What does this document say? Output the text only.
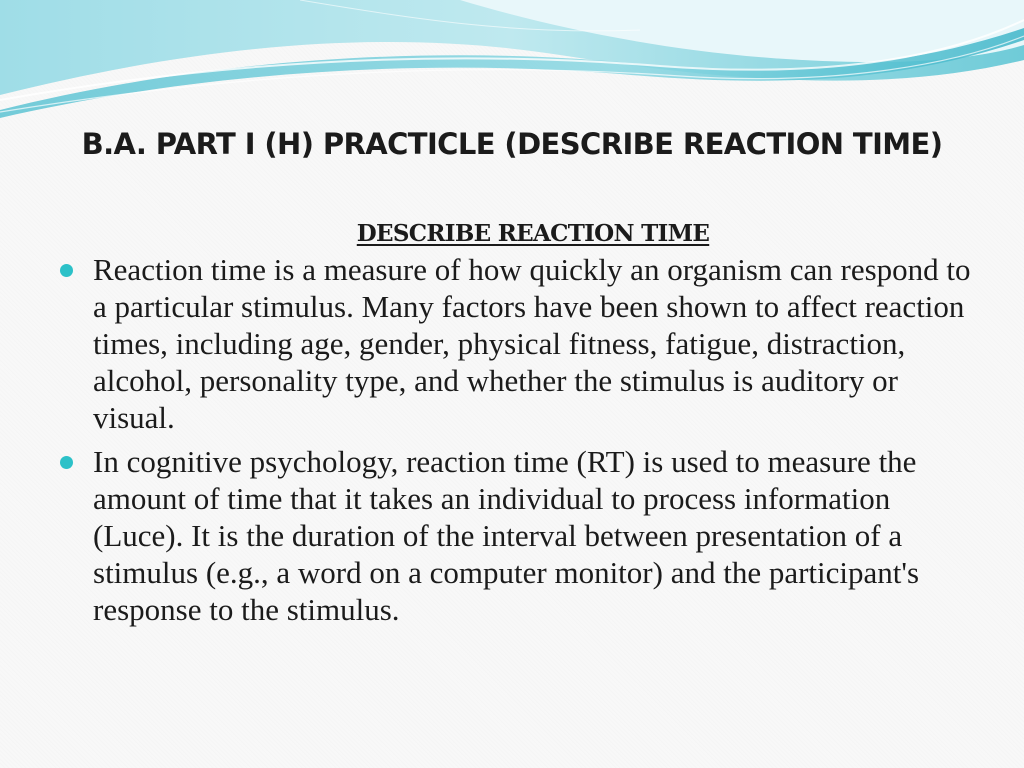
B.A. PART I (H) PRACTICLE (DESCRIBE REACTION TIME)
DESCRIBE REACTION TIME
Reaction time is a measure of how quickly an organism can respond to a particular stimulus. Many factors have been shown to affect reaction times, including age, gender, physical fitness, fatigue, distraction, alcohol, personality type, and whether the stimulus is auditory or visual.
In cognitive psychology, reaction time (RT) is used to measure the amount of time that it takes an individual to process information (Luce). It is the duration of the interval between presentation of a stimulus (e.g., a word on a computer monitor) and the participant's response to the stimulus.
